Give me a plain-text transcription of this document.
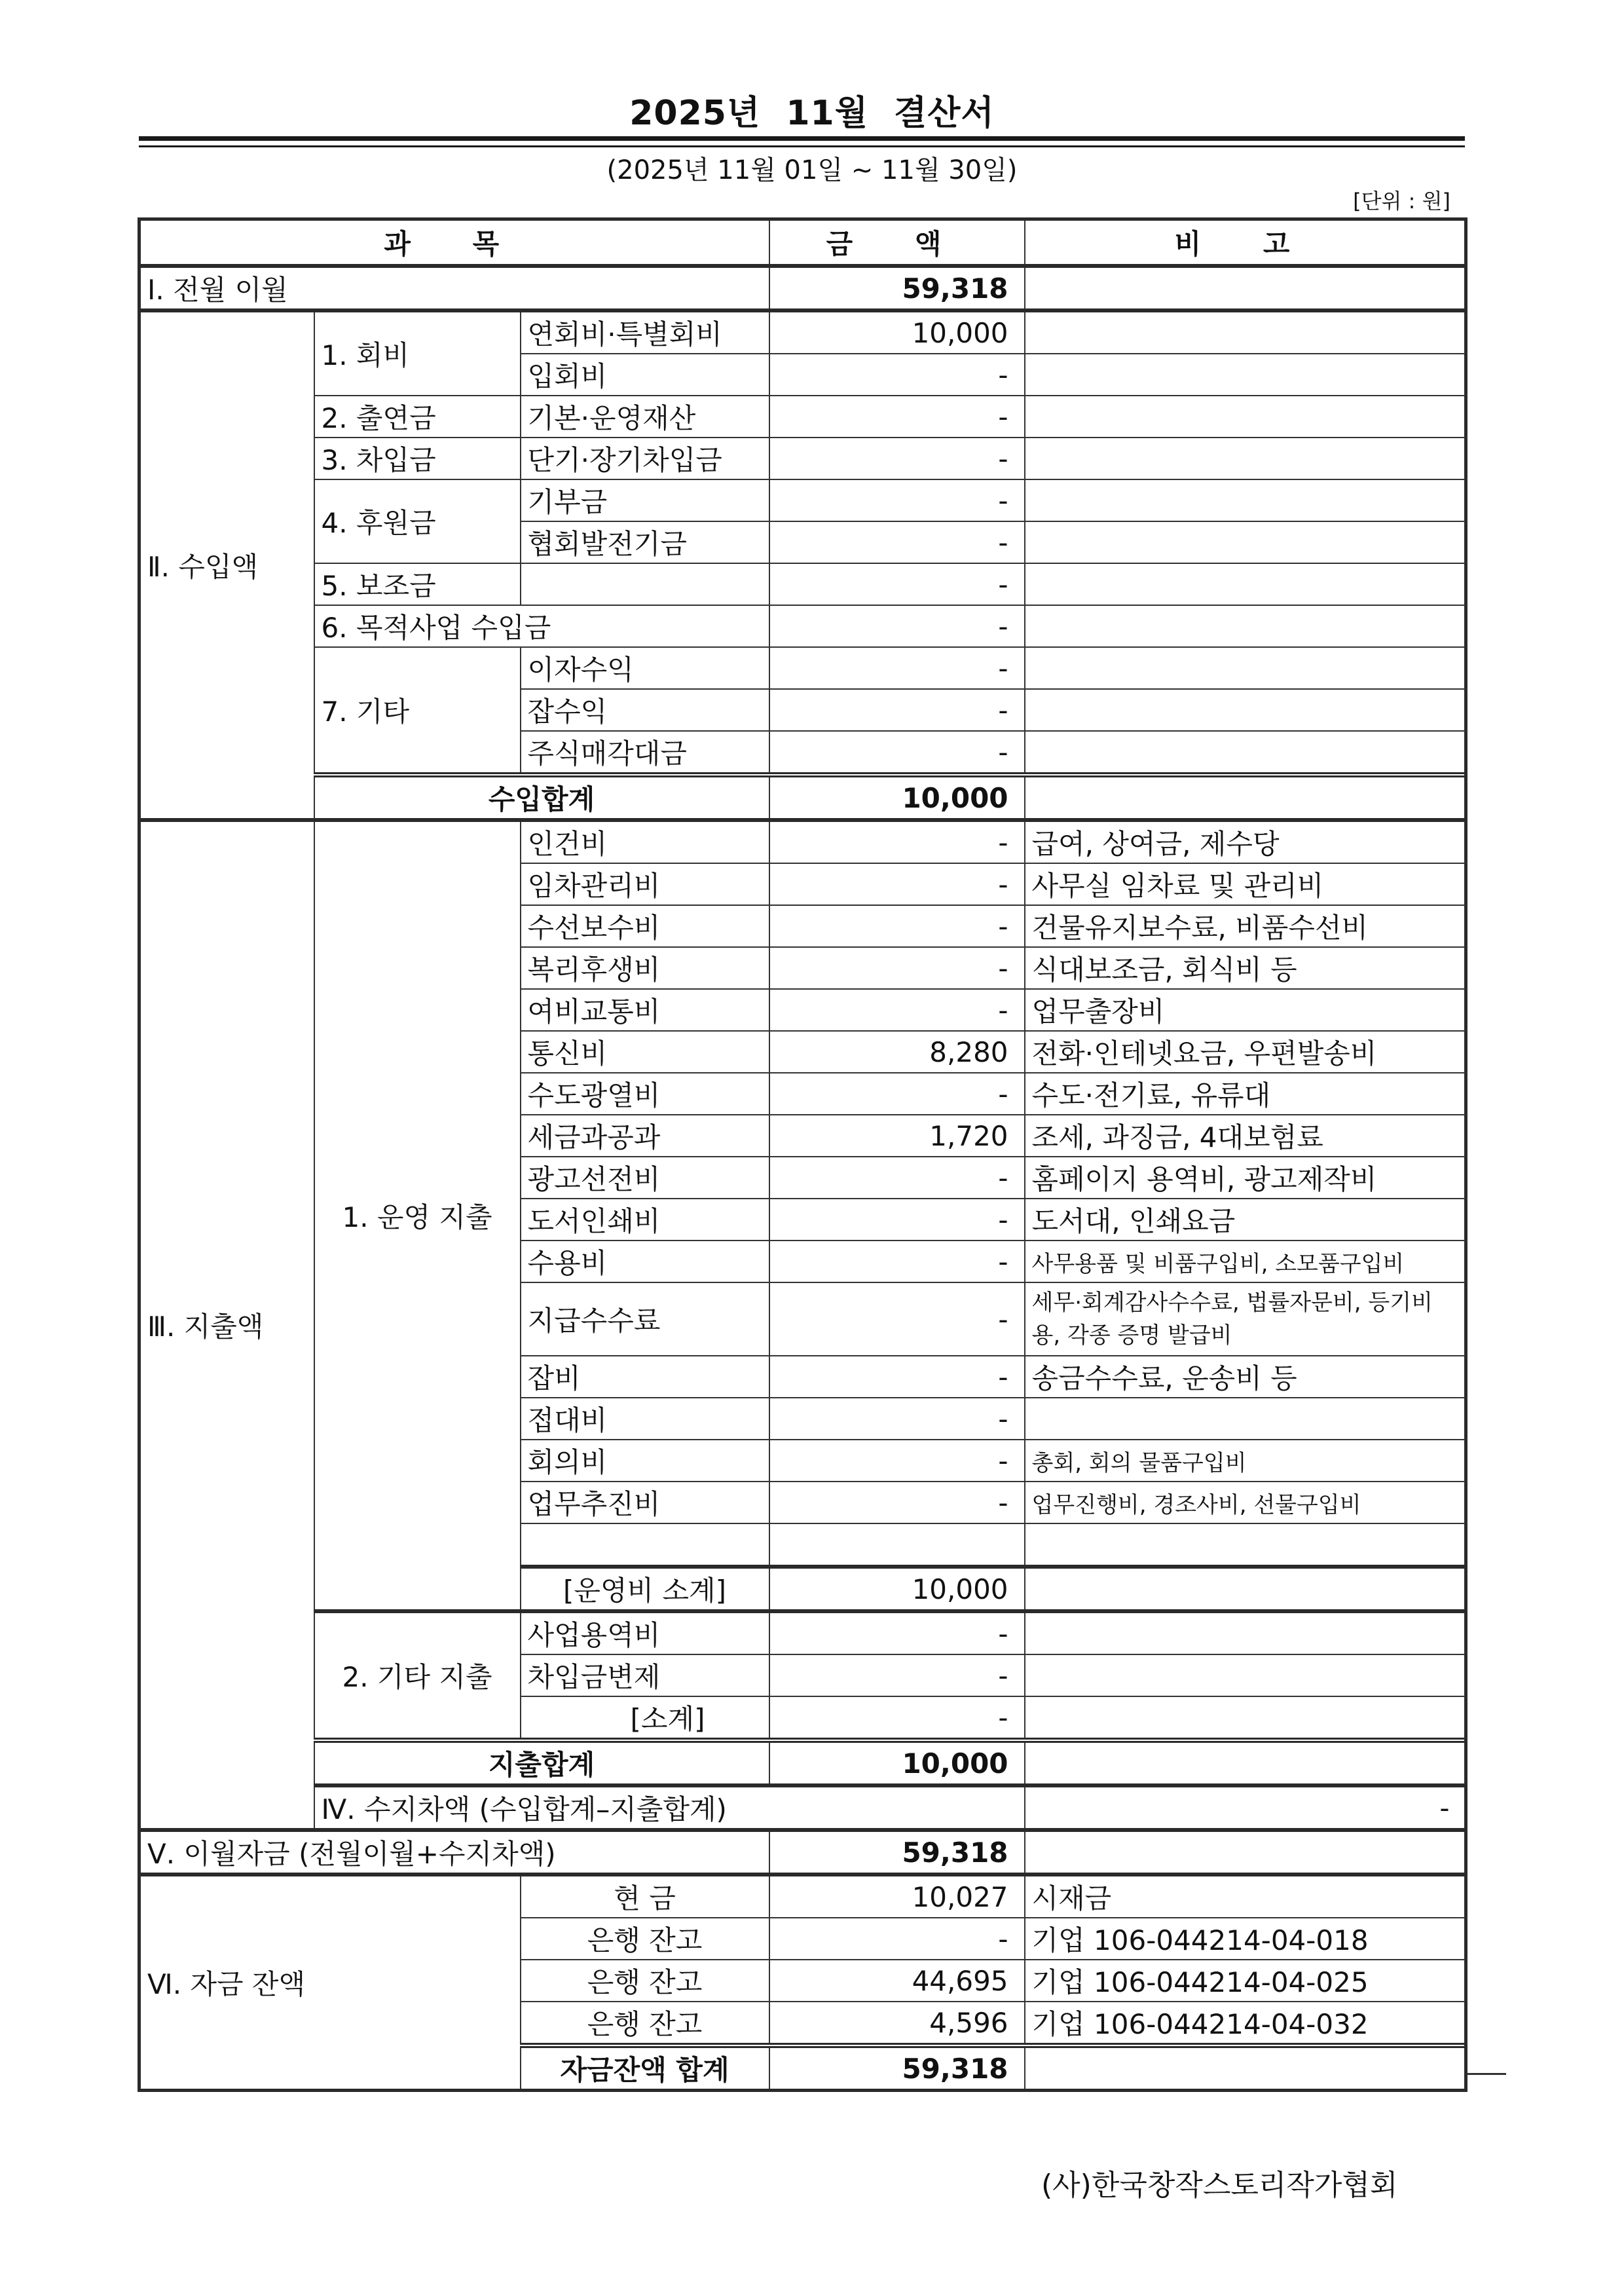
2025년 11월 결산서
(2025년 11월 01일 ~ 11월 30일)
[단위 : 원]
과 목			금 액	비 고	
Ⅰ. 전월 이월			59,318		
Ⅱ. 수입액	1. 회비	연회비·특별회비	10,000		
		입회비	-		
	2. 출연금	기본·운영재산	-		
	3. 차입금	단기·장기차입금	-		
	4. 후원금	기부금	-		
		협회발전기금	-		
	5. 보조금		-		
	6. 목적사업 수입금		-		
	7. 기타	이자수익	-		
		잡수익	-		
		주식매각대금	-		
	수입합계		10,000		
Ⅲ. 지출액	1. 운영 지출	인건비	-	급여, 상여금, 제수당	
		임차관리비	-	사무실 임차료 및 관리비	
		수선보수비	-	건물유지보수료, 비품수선비	
		복리후생비	-	식대보조금, 회식비 등	
		여비교통비	-	업무출장비	
		통신비	8,280	전화·인테넷요금, 우편발송비	
		수도광열비	-	수도·전기료, 유류대	
		세금과공과	1,720	조세, 과징금, 4대보험료	
		광고선전비	-	홈페이지 용역비, 광고제작비	
		도서인쇄비	-	도서대, 인쇄요금	
		수용비	-	사무용품 및 비품구입비, 소모품구입비	
		지급수수료	-	세무·회계감사수수료, 법률자문비, 등기비용, 각종 증명 발급비	
		잡비	-	송금수수료, 운송비 등	
		접대비	-		
		회의비	-	총회, 회의 물품구입비	
		업무추진비	-	업무진행비, 경조사비, 선물구입비	

		[운영비 소계]	10,000		
	2. 기타 지출	사업용역비	-		
		차입금변제	-		
		[소계]	-		
	지출합계		10,000		
	Ⅳ. 수지차액 (수입합계–지출합계)			-	
Ⅴ. 이월자금 (전월이월+수지차액)			59,318		
Ⅵ. 자금 잔액		현 금	10,027	시재금	
		은행 잔고	-	기업 106-044214-04-018	
		은행 잔고	44,695	기업 106-044214-04-025	
		은행 잔고	4,596	기업 106-044214-04-032	
		자금잔액 합계	59,318		
(사)한국창작스토리작가협회
